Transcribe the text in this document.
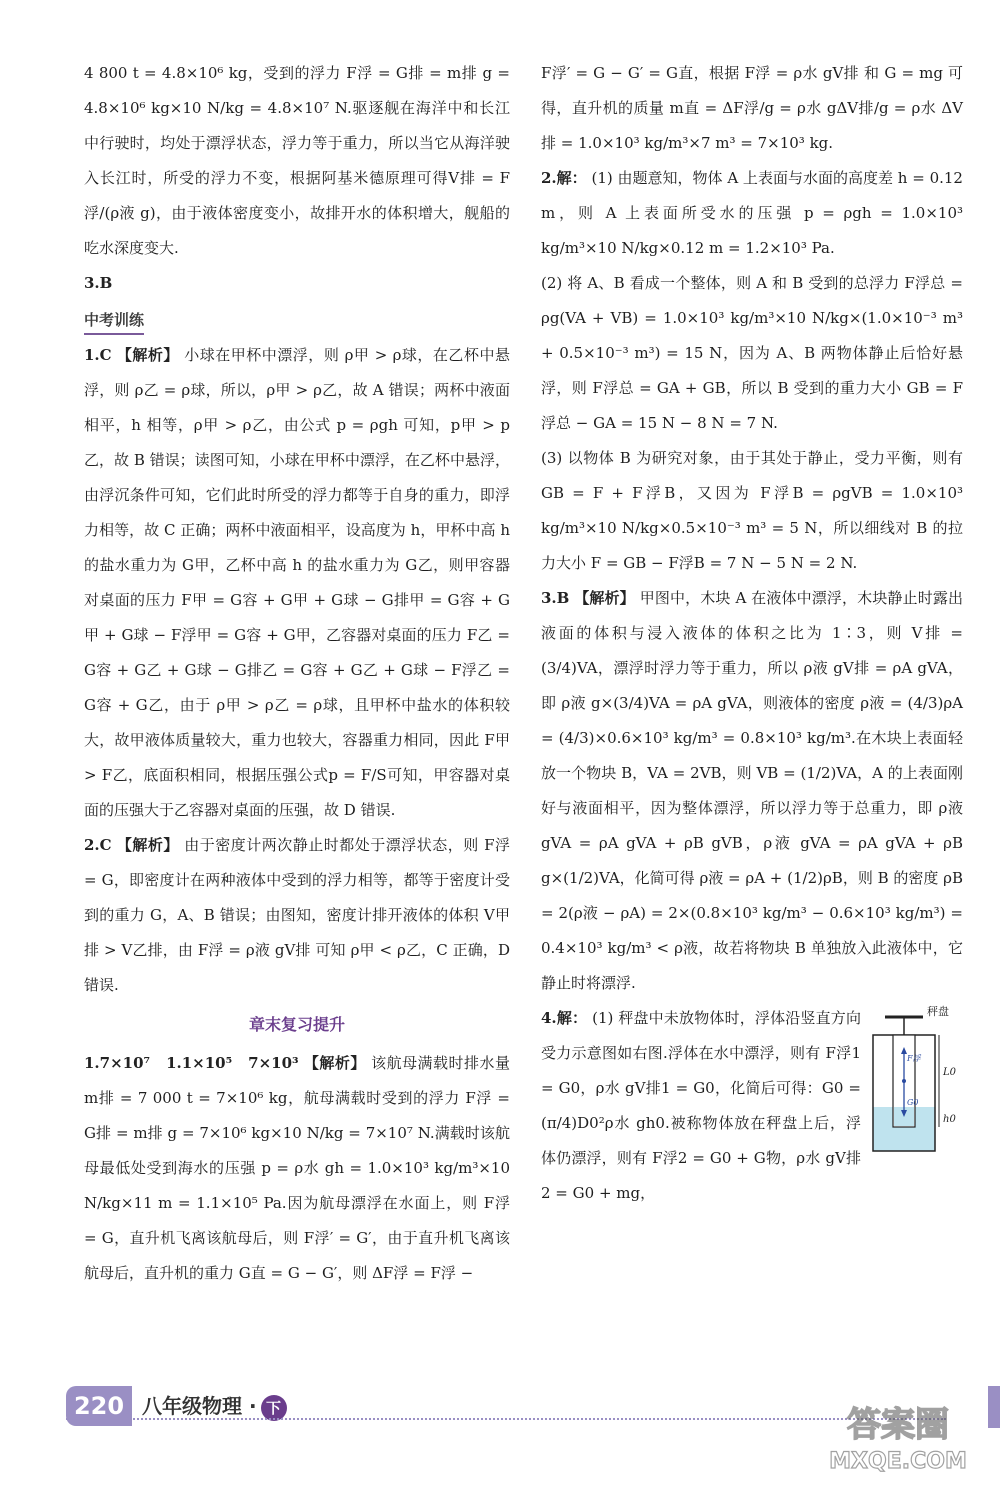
4 800 t = 4.8×10⁶ kg，受到的浮力 F浮 = G排 = m排 g = 4.8×10⁶ kg×10 N/kg = 4.8×10⁷ N.驱逐舰在海洋中和长江中行驶时，均处于漂浮状态，浮力等于重力，所以当它从海洋驶入长江时，所受的浮力不变，根据阿基米德原理可得V排 = F浮/(ρ液 g)，由于液体密度变小，故排开水的体积增大，舰船的吃水深度变大.

3.B

中考训练

1.C 【解析】 小球在甲杯中漂浮，则 ρ甲 > ρ球，在乙杯中悬浮，则 ρ乙 = ρ球，所以，ρ甲 > ρ乙，故 A 错误；两杯中液面相平，h 相等，ρ甲 > ρ乙，由公式 p = ρgh 可知，p甲 > p乙，故 B 错误；读图可知，小球在甲杯中漂浮，在乙杯中悬浮，由浮沉条件可知，它们此时所受的浮力都等于自身的重力，即浮力相等，故 C 正确；两杯中液面相平，设高度为 h，甲杯中高 h 的盐水重力为 G甲，乙杯中高 h 的盐水重力为 G乙，则甲容器对桌面的压力 F甲 = G容 + G甲 + G球 − G排甲 = G容 + G甲 + G球 − F浮甲 = G容 + G甲，乙容器对桌面的压力 F乙 = G容 + G乙 + G球 − G排乙 = G容 + G乙 + G球 − F浮乙 = G容 + G乙，由于 ρ甲 > ρ乙 = ρ球，且甲杯中盐水的体积较大，故甲液体质量较大，重力也较大，容器重力相同，因此 F甲 > F乙，底面积相同，根据压强公式p = F/S可知，甲容器对桌面的压强大于乙容器对桌面的压强，故 D 错误.

2.C 【解析】 由于密度计两次静止时都处于漂浮状态，则 F浮 = G，即密度计在两种液体中受到的浮力相等，都等于密度计受到的重力 G，A、B 错误；由图知，密度计排开液体的体积 V甲排 > V乙排，由 F浮 = ρ液 gV排 可知 ρ甲 < ρ乙，C 正确，D 错误.

章末复习提升

1.7×10⁷　1.1×10⁵　7×10³ 【解析】 该航母满载时排水量 m排 = 7 000 t = 7×10⁶ kg，航母满载时受到的浮力 F浮 = G排 = m排 g = 7×10⁶ kg×10 N/kg = 7×10⁷ N.满载时该航母最低处受到海水的压强 p = ρ水 gh = 1.0×10³ kg/m³×10 N/kg×11 m = 1.1×10⁵ Pa.因为航母漂浮在水面上，则 F浮 = G，直升机飞离该航母后，则 F浮′ = G′，由于直升机飞离该航母后，直升机的重力 G直 = G − G′，则 ΔF浮 = F浮 −

F浮′ = G − G′ = G直，根据 F浮 = ρ水 gV排 和 G = mg 可得，直升机的质量 m直 = ΔF浮/g = ρ水 gΔV排/g = ρ水 ΔV排 = 1.0×10³ kg/m³×7 m³ = 7×10³ kg.

2.解： (1) 由题意知，物体 A 上表面与水面的高度差 h = 0.12 m，则 A 上表面所受水的压强 p = ρgh = 1.0×10³ kg/m³×10 N/kg×0.12 m = 1.2×10³ Pa.

(2) 将 A、B 看成一个整体，则 A 和 B 受到的总浮力 F浮总 = ρg(VA + VB) = 1.0×10³ kg/m³×10 N/kg×(1.0×10⁻³ m³ + 0.5×10⁻³ m³) = 15 N，因为 A、B 两物体静止后恰好悬浮，则 F浮总 = GA + GB，所以 B 受到的重力大小 GB = F浮总 − GA = 15 N − 8 N = 7 N.

(3) 以物体 B 为研究对象，由于其处于静止，受力平衡，则有 GB = F + F浮B，又因为 F浮B = ρgVB = 1.0×10³ kg/m³×10 N/kg×0.5×10⁻³ m³ = 5 N，所以细线对 B 的拉力大小 F = GB − F浮B = 7 N − 5 N = 2 N.

3.B 【解析】 甲图中，木块 A 在液体中漂浮，木块静止时露出液面的体积与浸入液体的体积之比为 1∶3，则 V排 = (3/4)VA，漂浮时浮力等于重力，所以 ρ液 gV排 = ρA gVA，即 ρ液 g×(3/4)VA = ρA gVA，则液体的密度 ρ液 = (4/3)ρA = (4/3)×0.6×10³ kg/m³ = 0.8×10³ kg/m³.在木块上表面轻放一个物块 B，VA = 2VB，则 VB = (1/2)VA，A 的上表面刚好与液面相平，因为整体漂浮，所以浮力等于总重力，即 ρ液 gVA = ρA gVA + ρB gVB，ρ液 gVA = ρA gVA + ρB g×(1/2)VA，化简可得 ρ液 = ρA + (1/2)ρB，则 B 的密度 ρB = 2(ρ液 − ρA) = 2×(0.8×10³ kg/m³ − 0.6×10³ kg/m³) = 0.4×10³ kg/m³ < ρ液，故若将物块 B 单独放入此液体中，它静止时将漂浮.

秤盘
F浮
G0
L0
h0

4.解： (1) 秤盘中未放物体时，浮体沿竖直方向受力示意图如右图.浮体在水中漂浮，则有 F浮1 = G0，ρ水 gV排1 = G0，化简后可得：G0 = (π/4)D0²ρ水 gh0.被称物体放在秤盘上后，浮体仍漂浮，则有 F浮2 = G0 + G物，ρ水 gV排2 = G0 + mg，

220 八年级物理 · 下	答案圈
MXQE.COM
